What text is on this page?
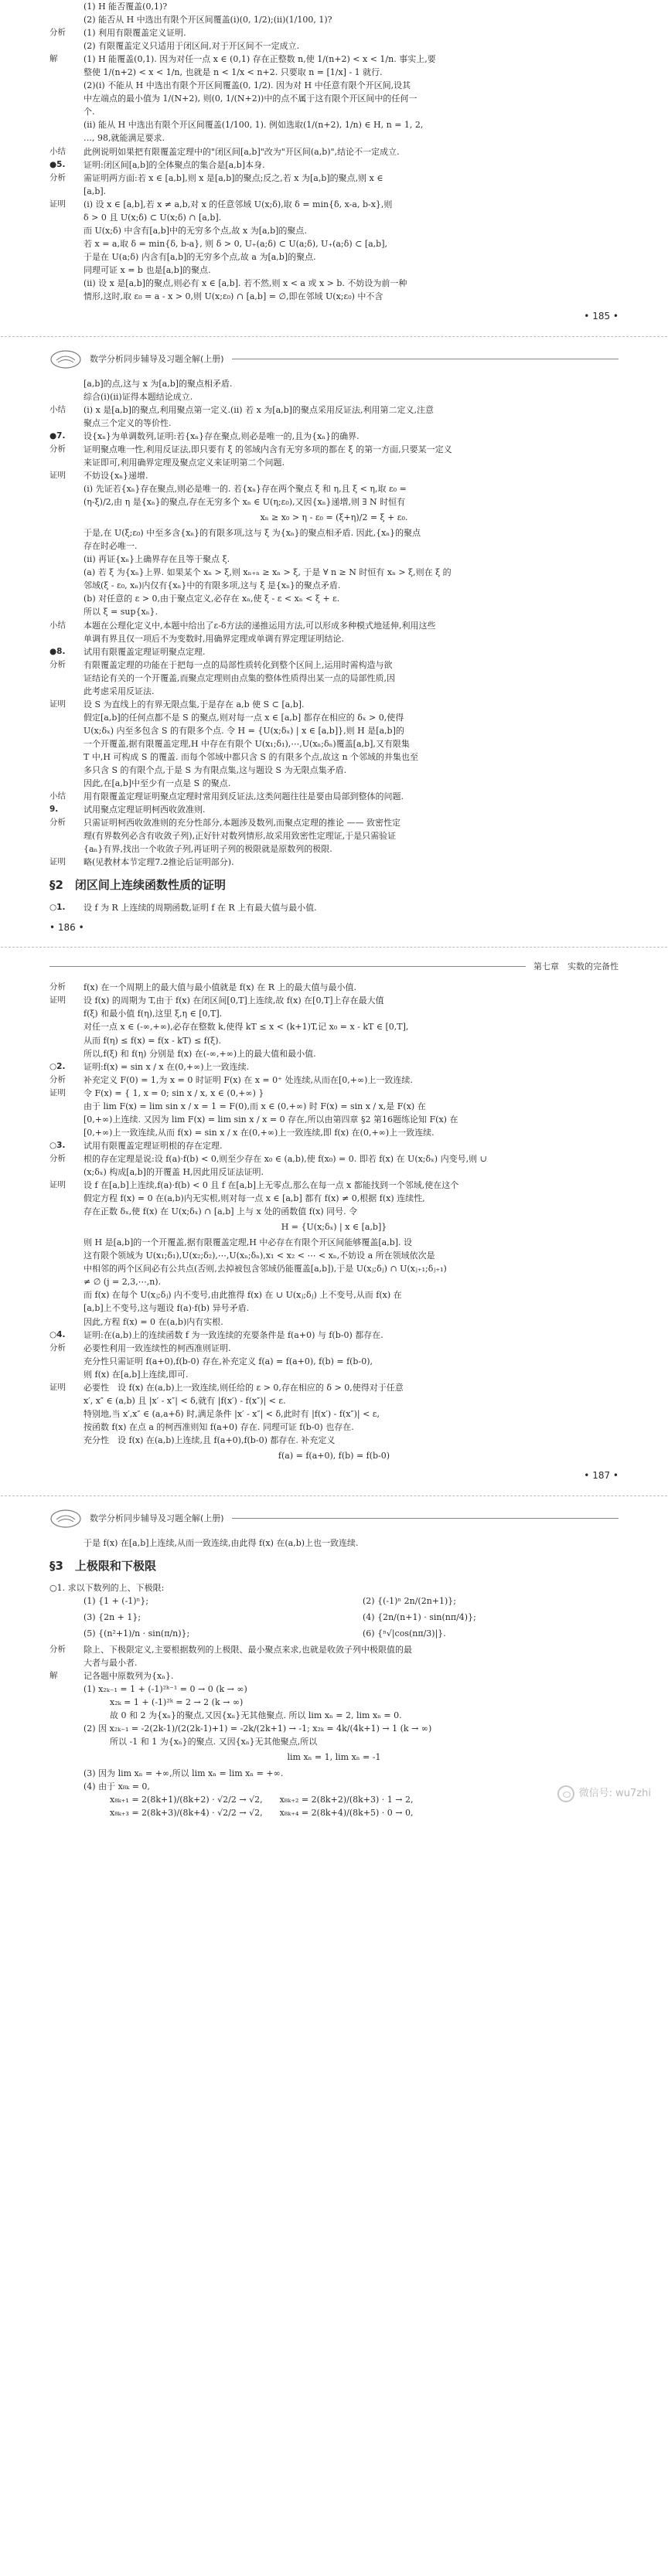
(1) H 能否覆盖(0,1)?
(2) 能否从 H 中选出有限个开区间覆盖(ⅰ)(0, 1/2);(ⅱ)(1/100, 1)?
分析	(1) 利用有限覆盖定义证明.
(2) 有限覆盖定义只适用于闭区间,对于开区间不一定成立.
解	(1) H 能覆盖(0,1). 因为对任一点 x ∈ (0,1) 存在正整数 n,使 1/(n+2) < x < 1/n. 事实上,要
整使 1/(n+2) < x < 1/n, 也就是 n < 1/x < n+2. 只要取 n = [1/x] - 1 就行.
(2)(ⅰ) 不能从 H 中选出有限个开区间覆盖(0, 1/2). 因为对 H 中任意有限个开区间,设其
中左端点的最小值为 1/(N+2), 则(0, 1/(N+2))中的点不属于这有限个开区间中的任何一
个.
(ⅱ) 能从 H 中选出有限个开区间覆盖(1/100, 1). 例如选取(1/(n+2), 1/n) ∈ H, n = 1, 2,
…, 98,就能满足要求.
小结	此例说明如果把有限覆盖定理中的"闭区间[a,b]"改为"开区间(a,b)",结论不一定成立.
●5.	证明:闭区间[a,b]的全体聚点的集合是[a,b]本身.
分析	需证明两方面:若 x ∈ [a,b],则 x 是[a,b]的聚点;反之,若 x 为[a,b]的聚点,则 x ∈
[a,b].
证明	(ⅰ) 设 x ∈ [a,b],若 x ≠ a,b,对 x 的任意邻域 U(x;δ),取 δ = min{δ, x-a, b-x},则
δ > 0 且 U(x;δ) ⊂ U(x;δ) ∩ [a,b].
而 U(x;δ) 中含有[a,b]中的无穷多个点,故 x 为[a,b]的聚点.
若 x = a,取 δ = min{δ, b-a}, 则 δ > 0, U₊(a;δ) ⊂ U(a;δ), U₊(a;δ) ⊂ [a,b],
于是在 U(a;δ) 内含有[a,b]的无穷多个点,故 a 为[a,b]的聚点.
同理可证 x = b 也是[a,b]的聚点.
(ⅱ) 设 x 是[a,b]的聚点,则必有 x ∈ [a,b]. 若不然,则 x < a 或 x > b. 不妨设为前一种
情形,这时,取 ε₀ = a - x > 0,则 U(x;ε₀) ∩ [a,b] = ∅,即在邻域 U(x;ε₀) 中不含
• 185 •
数学分析同步辅导及习题全解(上册)
[a,b]的点,这与 x 为[a,b]的聚点相矛盾.
综合(ⅰ)(ⅱ)证得本题结论成立.
小结	(ⅰ) x 是[a,b]的聚点,利用聚点第一定义.(ⅱ) 若 x 为[a,b]的聚点采用反证法,利用第二定义,注意
聚点三个定义的等价性.
●7.	设{xₙ}为单调数列,证明:若{xₙ}存在聚点,则必是唯一的,且为{xₙ}的确界.
分析	证明聚点唯一性,利用反证法,即只要有 ξ 的邻域内含有无穷多项的都在 ξ 的第一方面,只要某一定义
来证即可,利用确界定理及聚点定义来证明第二个问题.
证明	不妨设{xₙ}递增.
(ⅰ) 先证若{xₙ}存在聚点,则必是唯一的. 若{xₙ}存在两个聚点 ξ 和 η,且 ξ < η,取 ε₀ =
(η-ξ)/2,由 η 是{xₙ}的聚点,存在无穷多个 xₙ ∈ U(η;ε₀),又因{xₙ}递增,则 ∃ N 时恒有
xₙ ≥ x₀ > η - ε₀ = (ξ+η)/2 = ξ + ε₀.
于是,在 U(ξ;ε₀) 中至多含{xₙ}的有限多项,这与 ξ 为{xₙ}的聚点相矛盾. 因此,{xₙ}的聚点
存在时必唯一.
(ⅱ) 再证{xₙ}上确界存在且等于聚点 ξ.
(a) 若 ξ 为{xₙ}上界. 如果某个 xₙ > ξ,则 xₙ₊ₙ ≥ xₙ > ξ, 于是 ∀ n ≥ N 时恒有 xₙ > ξ,则在 ξ 的
邻域(ξ - ε₀, xₙ)内仅有{xₙ}中的有限多项,这与 ξ 是{xₙ}的聚点矛盾.
(b) 对任意的 ε > 0,由于聚点定义,必存在 xₙ,使 ξ - ε < xₙ < ξ + ε.
所以 ξ = sup{xₙ}.
小结	本题在公理化定义中,本题中给出了ε-δ方法的递推运用方法,可以形成多种模式地延伸,利用这些
单调有界且仅一项后不为变数时,用确界定理或单调有界定理证明结论.
●8.	试用有限覆盖定理证明聚点定理.
分析	有限覆盖定理的功能在于把每一点的局部性质转化到整个区间上,运用时需构造与欲
证结论有关的一个开覆盖,而聚点定理则由点集的整体性质得出某一点的局部性质,因
此考虑采用反证法.
证明	设 S 为直线上的有界无限点集,于是存在 a,b 使 S ⊂ [a,b].
假定[a,b]的任何点都不是 S 的聚点,则对每一点 x ∈ [a,b] 都存在相应的 δₓ > 0,使得
U(x;δₓ) 内至多包含 S 的有限多个点. 令 H = {U(x;δₓ) | x ∈ [a,b]},则 H 是[a,b]的
一个开覆盖,据有限覆盖定理,H 中存在有限个 U(x₁;δ₁),⋯,U(xₙ;δₙ)覆盖[a,b],又有限集
T 中,H 可构成 S 的覆盖. 而每个邻域中都只含 S 的有限多个点,故这 n 个邻域的并集也至
多只含 S 的有限个点,于是 S 为有限点集,这与题设 S 为无限点集矛盾.
因此,在[a,b]中至少有一点是 S 的聚点.
小结	用有限覆盖定理证明聚点定理时常用到反证法,这类问题往往是要由局部到整体的问题.
9.	试用聚点定理证明柯西收敛准则.
分析	只需证明柯西收敛准则的充分性部分,本题涉及数列,而聚点定理的推论 —— 致密性定
理(有界数列必含有收敛子列),正好针对数列情形,故采用致密性定理证,于是只需验证
{aₙ}有界,找出一个收敛子列,再证明子列的极限就是原数列的极限.
证明	略(见教材本节定理7.2推论后证明部分).
§2　闭区间上连续函数性质的证明
○1.	设 f 为 R 上连续的周期函数,证明 f 在 R 上有最大值与最小值.
• 186 •
第七章　实数的完备性
分析	f(x) 在一个周期上的最大值与最小值就是 f(x) 在 R 上的最大值与最小值.
证明	设 f(x) 的周期为 T,由于 f(x) 在闭区间[0,T]上连续,故 f(x) 在[0,T]上存在最大值
f(ξ) 和最小值 f(η),这里 ξ,η ∈ [0,T].
对任一点 x ∈ (-∞,+∞),必存在整数 k,使得 kT ≤ x < (k+1)T,记 x₀ = x - kT ∈ [0,T],
从而 f(η) ≤ f(x) = f(x - kT) ≤ f(ξ).
所以,f(ξ) 和 f(η) 分别是 f(x) 在(-∞,+∞)上的最大值和最小值.
○2.	证明:f(x) = sin x / x 在(0,+∞)上一致连续.
分析	补充定义 F(0) = 1,为 x = 0 时证明 F(x) 在 x = 0⁺ 处连续,从而在[0,+∞)上一致连续.
证明	令 F(x) = { 1, x = 0; sin x / x, x ∈ (0,+∞) }
由于 lim F(x) = lim sin x / x = 1 = F(0),而 x ∈ (0,+∞) 时 F(x) = sin x / x,是 F(x) 在
[0,+∞)上连续. 又因为 lim F(x) = lim sin x / x = 0 存在,所以由第四章 §2 第16题练论知 F(x) 在
[0,+∞)上一致连续,从而 f(x) = sin x / x 在(0,+∞)上一致连续,即 f(x) 在(0,+∞)上一致连续.
○3.	试用有限覆盖定理证明根的存在定理.
分析	根的存在定理是说:设 f(a)·f(b) < 0,则至少存在 x₀ ∈ (a,b),使 f(x₀) = 0. 即若 f(x) 在 U(x;δₓ) 内变号,则 ∪
(x;δₓ) 构成[a,b]的开覆盖 H,因此用反证法证明.
证明	设 f 在[a,b]上连续,f(a)·f(b) < 0 且 f 在[a,b]上无零点,那么在每一点 x 都能找到一个邻域,使在这个
假定方程 f(x) = 0 在(a,b)内无实根,则对每一点 x ∈ [a,b] 都有 f(x) ≠ 0,根据 f(x) 连续性,
存在正数 δₓ,使 f(x) 在 U(x;δₓ) ∩ [a,b] 上与 x 处的函数值 f(x) 同号. 令
H = {U(x;δₓ) | x ∈ [a,b]}
则 H 是[a,b]的一个开覆盖,据有限覆盖定理,H 中必存在有限个开区间能够覆盖[a,b]. 设
这有限个领域为 U(x₁;δ₁),U(x₂;δ₂),⋯,U(xₙ;δₙ),x₁ < x₂ < ⋯ < xₙ,不妨设 a 所在领域依次是
中相邻的两个区间必有公共点(否则,去掉被包含邻域仍能覆盖[a,b]),于是 U(xⱼ;δⱼ) ∩ U(xⱼ₊₁;δⱼ₊₁)
≠ ∅ (j = 2,3,⋯,n).
而 f(x) 在每个 U(xⱼ;δⱼ) 内不变号,由此推得 f(x) 在 ∪ U(xⱼ;δⱼ) 上不变号,从而 f(x) 在
[a,b]上不变号,这与题设 f(a)·f(b) 异号矛盾.
因此,方程 f(x) = 0 在(a,b)内有实根.
○4.	证明:在(a,b)上的连续函数 f 为一致连续的充要条件是 f(a+0) 与 f(b-0) 都存在.
分析	必要性利用一致连续性的柯西准则证明.
充分性只需证明 f(a+0),f(b-0) 存在,补充定义 f(a) = f(a+0), f(b) = f(b-0),
则 f(x) 在[a,b]上连续,即可.
证明	必要性　设 f(x) 在(a,b)上一致连续,则任给的 ε > 0,存在相应的 δ > 0,使得对于任意
x′, x″ ∈ (a,b) 且 |x′ - x″| < δ,就有 |f(x′) - f(x″)| < ε.
特别地,当 x′,x″ ∈ (a,a+δ) 时,满足条件 |x′ - x″| < δ,此时有 |f(x′) - f(x″)| < ε,
按函数 f(x) 在点 a 的柯西准则知 f(a+0) 存在. 同理可证 f(b-0) 也存在.
充分性　设 f(x) 在(a,b)上连续,且 f(a+0),f(b-0) 都存在. 补充定义
f(a) = f(a+0), f(b) = f(b-0)
• 187 •
数学分析同步辅导及习题全解(上册)

于是 f(x) 在[a,b]上连续,从而一致连续,由此得 f(x) 在(a,b)上也一致连续.

§3　上极限和下极限

○1. 求以下数列的上、下极限:

(1) {1 + (-1)ⁿ};	(2) {(-1)ⁿ 2n/(2n+1)};
(3) {2n + 1};	(4) {2n/(n+1) · sin(nπ/4)};
(5) {(n²+1)/n · sin(π/n)};	(6) {ⁿ√|cos(nπ/3)|}.
分析	除上、下极限定义,主要根据数列的上极限、最小聚点来求,也就是收敛子列中极限值的最
大者与最小者.
解	记各题中原数列为{xₙ}.
(1) x₂ₖ₋₁ = 1 + (-1)²ᵏ⁻¹ = 0 → 0 (k → ∞)
x₂ₖ = 1 + (-1)²ᵏ = 2 → 2 (k → ∞)
故 0 和 2 为{xₙ}的聚点,又因{xₙ}无其他聚点. 所以 lim xₙ = 2, lim xₙ = 0.
(2) 因 x₂ₖ₋₁ = -2(2k-1)/(2(2k-1)+1) = -2k/(2k+1) → -1; x₂ₖ = 4k/(4k+1) → 1 (k → ∞)
所以 -1 和 1 为{xₙ}的聚点. 又因{xₙ}无其他聚点,所以
lim xₙ = 1, lim xₙ = -1
(3) 因为 lim xₙ = +∞,所以 lim xₙ = lim xₙ = +∞.
(4) 由于 x₈ₖ = 0,
x₈ₖ₊₁ = 2(8k+1)/(8k+2) · √2/2 → √2,　　x₈ₖ₊₂ = 2(8k+2)/(8k+3) · 1 → 2,
x₈ₖ₊₃ = 2(8k+3)/(8k+4) · √2/2 → √2,　　x₈ₖ₊₄ = 2(8k+4)/(8k+5) · 0 → 0,
微信号: wu7zhi
